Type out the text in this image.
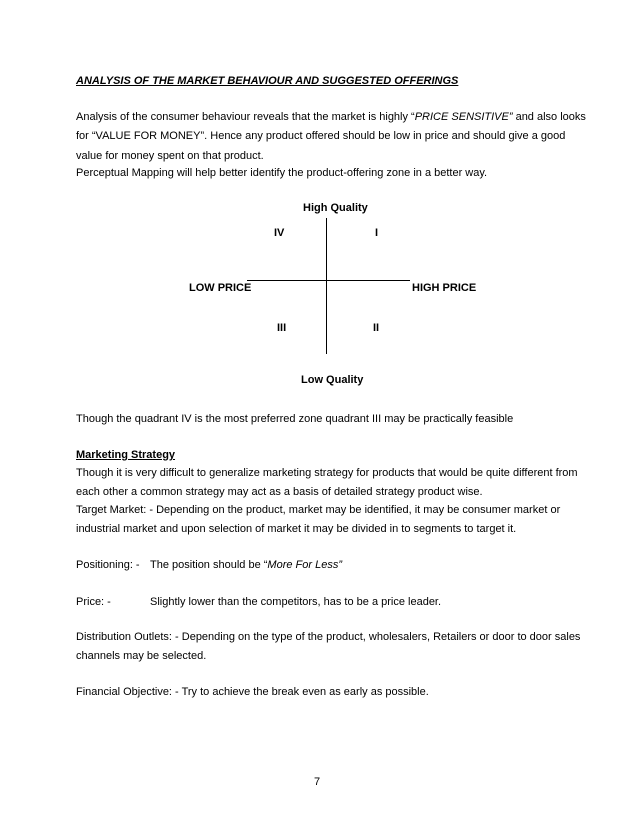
ANALYSIS OF THE MARKET BEHAVIOUR AND SUGGESTED OFFERINGS
Analysis of the consumer behaviour reveals that the market is highly “PRICE SENSITIVE” and also looks
for “VALUE FOR MONEY”. Hence any product offered should be low in price and should give a good
value for money spent on that product.
Perceptual Mapping will help better identify the product-offering zone in a better way.
High Quality
IV	I
LOW PRICE	HIGH PRICE
III	II
Low Quality
Though the quadrant IV is the most preferred zone quadrant III may be practically feasible
Marketing Strategy
Though it is very difficult to generalize marketing strategy for products that would be quite different from
each other a common strategy may act as a basis of detailed strategy product wise.
Target Market: - Depending on the product, market may be identified, it may be consumer market or
industrial market and upon selection of market it may be divided in to segments to target it.
Positioning: - The position should be “More For Less”
Price: -	Slightly lower than the competitors, has to be a price leader.
Distribution Outlets: - Depending on the type of the product, wholesalers, Retailers or door to door sales
channels may be selected.
Financial Objective: - Try to achieve the break even as early as possible.
7
